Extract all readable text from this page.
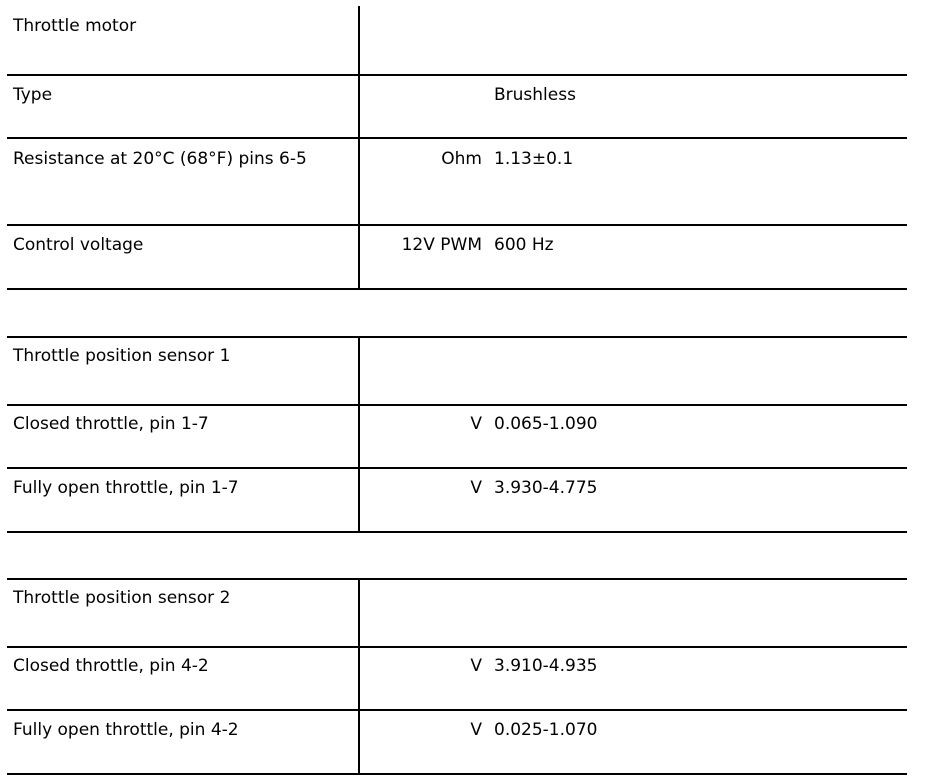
Throttle motor
Type	Brushless
Resistance at 20°C (68°F) pins 6-5	Ohm 1.13±0.1
Control voltage	12V PWM 600 Hz
Throttle position sensor 1
Closed throttle, pin 1-7	V 0.065-1.090
Fully open throttle, pin 1-7	V 3.930-4.775
Throttle position sensor 2
Closed throttle, pin 4-2	V 3.910-4.935
Fully open throttle, pin 4-2	V 0.025-1.070
